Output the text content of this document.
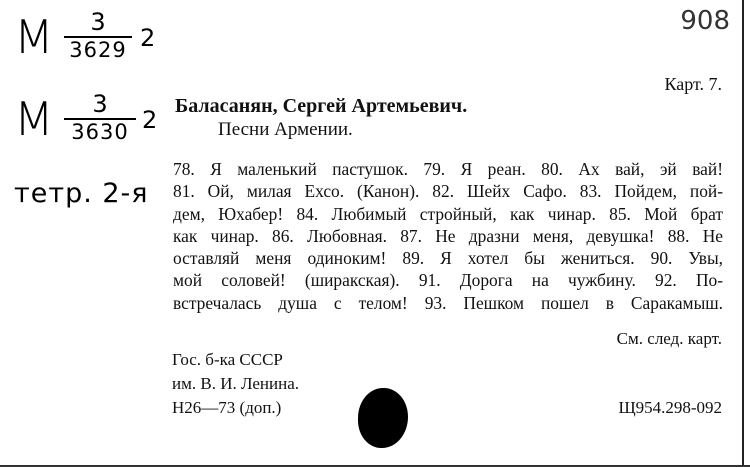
М	3
3629 2
М	3
3630 2
тетр. 2-я
908
Карт. 7.
Баласанян, Сергей Артемьевич.
Песни Армении.
78. Я маленький пастушок. 79. Я реан. 80. Ах вай, эй вай!
81. Ой, милая Ехсо. (Канон). 82. Шейх Сафо. 83. Пойдем, пой-
дем, Юхабер! 84. Любимый стройный, как чинар. 85. Мой брат
как чинар. 86. Любовная. 87. Не дразни меня, девушка! 88. Не
оставляй меня одиноким! 89. Я хотел бы жениться. 90. Увы,
мой соловей! (ширакская). 91. Дорога на чужбину. 92. По-
встречалась душа с телом! 93. Пешком пошел в Саракамыш.
См. след. карт.
Гос. б-ка СССР
им. В. И. Ленина.
Н26—73 (доп.)	Щ954.298-092
